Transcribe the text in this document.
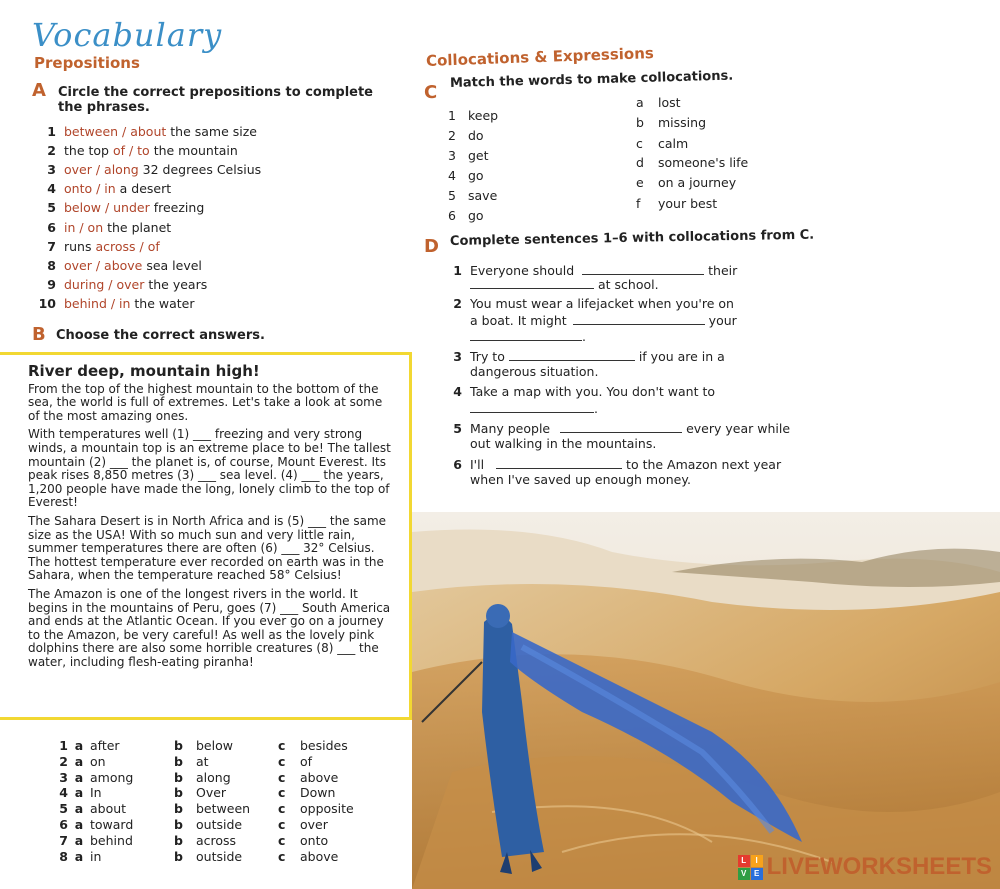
Vocabulary
Prepositions
A Circle the correct prepositions to complete
the phrases.
1 between / about the same size
2 the top of / to the mountain
3 over / along 32 degrees Celsius
4 onto / in a desert
5 below / under freezing
6 in / on the planet
7 runs across / of
8 over / above sea level
9 during / over the years
10 behind / in the water
B Choose the correct answers.
River deep, mountain high!

From the top of the highest mountain to the bottom of the sea, the world is full of extremes. Let's take a look at some of the most amazing ones.

With temperatures well (1) ___ freezing and very strong winds, a mountain top is an extreme place to be! The tallest mountain (2) ___ the planet is, of course, Mount Everest. Its peak rises 8,850 metres (3) ___ sea level. (4) ___ the years, 1,200 people have made the long, lonely climb to the top of Everest!

The Sahara Desert is in North Africa and is (5) ___ the same size as the USA! With so much sun and very little rain, summer temperatures there are often (6) ___ 32° Celsius. The hottest temperature ever recorded on earth was in the Sahara, when the temperature reached 58° Celsius!

The Amazon is one of the longest rivers in the world. It begins in the mountains of Peru, goes (7) ___ South America and ends at the Atlantic Ocean. If you ever go on a journey to the Amazon, be very careful! As well as the lovely pink dolphins there are also some horrible creatures (8) ___ the water, including flesh-eating piranha!

1 a after	b	below	c	besides
2 a on	b	at	c	of
3 a among	b	along	c	above
4 a In	b	Over	c	Down
5 a about	b	between	c	opposite
6 a toward	b	outside	c	over
7 a behind	b	across	c	onto
8 a in	b	outside	c	above
Collocations & Expressions
C
Match the words to make collocations.
1 keep
2 do
3 get
4 go
5 save
6 go
a lost
b missing
c calm
d someone's life
e on a journey
f your best
D Complete sentences 1–6 with collocations from C.
1 Everyone should	their
at school.
2 You must wear a lifejacket when you're on
a boat. It might	your
.
3 Try to	if you are in a
dangerous situation.
4 Take a map with you. You don't want to
.
5 Many people	every year while
out walking in the mountains.
6 I'll	to the Amazon next year
when I've saved up enough money.
L	I
V E LIVEWORKSHEETS
